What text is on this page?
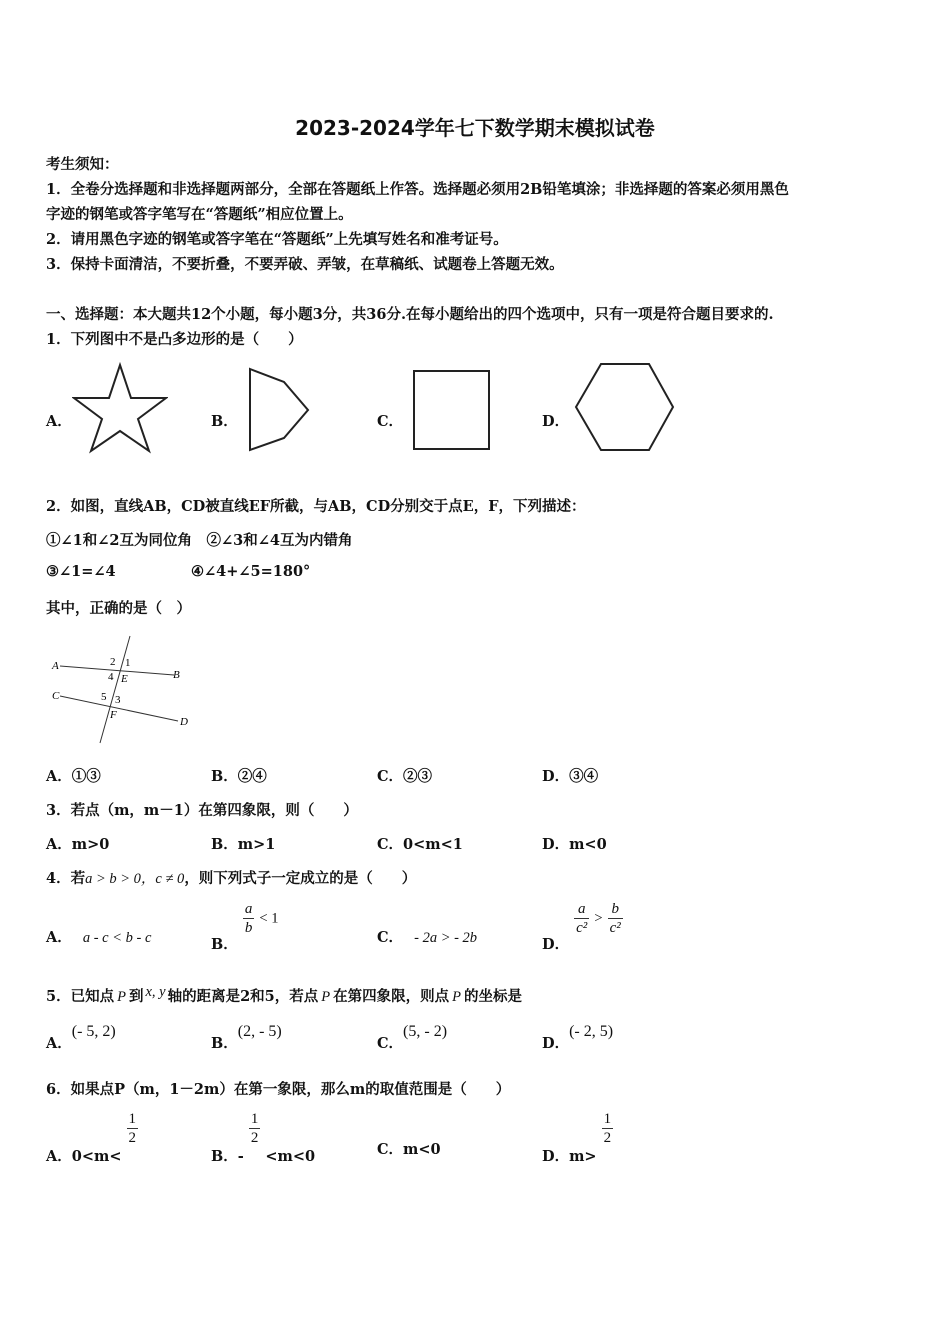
2023-2024学年七下数学期末模拟试卷
考生须知：
1．全卷分选择题和非选择题两部分，全部在答题纸上作答。选择题必须用2B铅笔填涂；非选择题的答案必须用黑色
字迹的钢笔或答字笔写在“答题纸”相应位置上。
2．请用黑色字迹的钢笔或答字笔在“答题纸”上先填写姓名和准考证号。
3．保持卡面清洁，不要折叠，不要弄破、弄皱，在草稿纸、试题卷上答题无效。
一、选择题：本大题共12个小题，每小题3分，共36分.在每小题给出的四个选项中，只有一项是符合题目要求的.
1．下列图中不是凸多边形的是（　　）
A．	B．	C．	D．
2．如图，直线AB，CD被直线EF所截，与AB，CD分别交于点E，F，下列描述：
①∠1和∠2互为同位角　②∠3和∠4互为内错角
③∠1=∠4	④∠4+∠5=180°
其中，正确的是（　）
A
B
C
D
E
F
2 1
4
5 3
A．①③	B．②④	C．②③	D．③④
3．若点（m，m－1）在第四象限，则（　　）
A．m>0	B．m>1	C．0<m<1	D．m<0
4．若a > b > 0，c ≠ 0，则下列式子一定成立的是（　　）
A． a - c < b - c	B．
$\frac{a}{b} < 1$
C． - 2a > - 2b	D．
$\frac{a}{\text{c²}} > \frac{b}{\text{c²}}$
5．已知点 P 到 x, y 轴的距离是2和5，若点 P 在第四象限，则点 P 的坐标是
A．(- 5, 2)
B．(2, - 5)
C．(5, - 2)
D．(- 2, 5)
6．如果点P（m，1－2m）在第一象限，那么m的取值范围是（　　）
A．0<m<
$\frac{1}{2}$
B．-
$\frac{1}{2}$
<m<0	C．m<0	D．m>
$\frac{1}{2}$
